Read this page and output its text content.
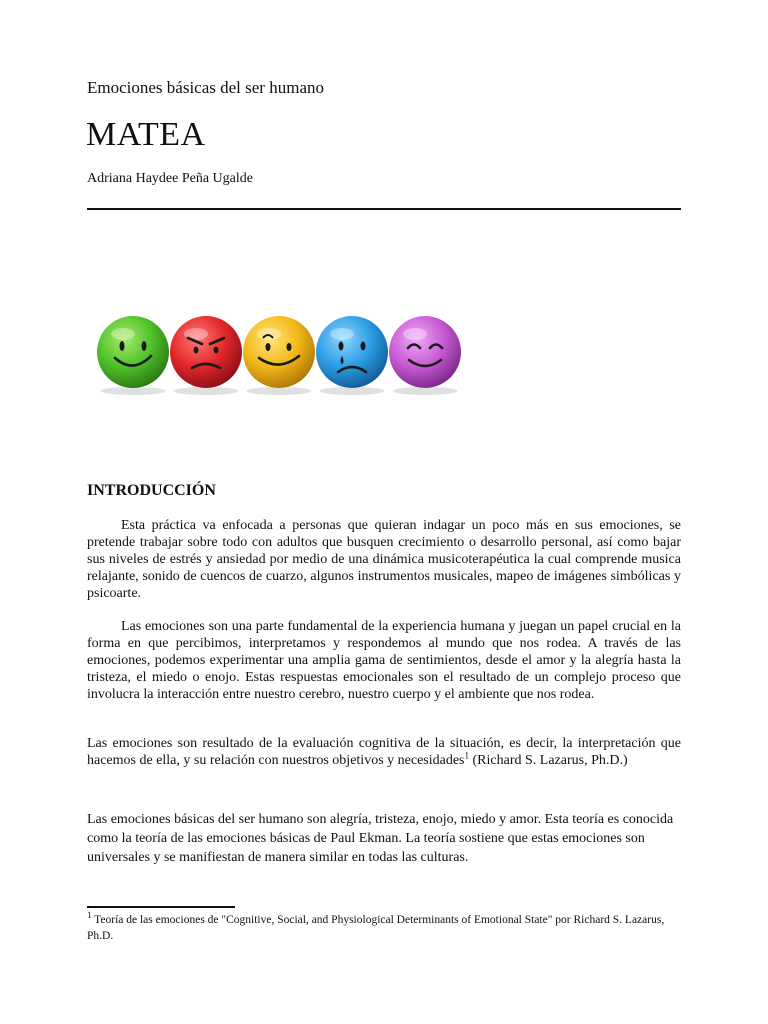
Emociones básicas del ser humano
MATEA
Adriana Haydee Peña Ugalde
INTRODUCCIÓN

Esta práctica va enfocada a personas que quieran indagar un poco más en sus emociones, se pretende trabajar sobre todo con adultos que busquen crecimiento o desarrollo personal, así como bajar sus niveles de estrés y ansiedad por medio de una dinámica musicoterapéutica la cual comprende musica relajante, sonido de cuencos de cuarzo, algunos instrumentos musicales, mapeo de imágenes simbólicas y psicoarte.

Las emociones son una parte fundamental de la experiencia humana y juegan un papel crucial en la forma en que percibimos, interpretamos y respondemos al mundo que nos rodea. A través de las emociones, podemos experimentar una amplia gama de sentimientos, desde el amor y la alegría hasta la tristeza, el miedo o enojo. Estas respuestas emocionales son el resultado de un complejo proceso que involucra la interacción entre nuestro cerebro, nuestro cuerpo y el ambiente que nos rodea.

Las emociones son resultado de la evaluación cognitiva de la situación, es decir, la interpretación que hacemos de ella, y su relación con nuestros objetivos y necesidades$^1$ (Richard S. Lazarus, Ph.D.)

Las emociones básicas del ser humano son alegría, tristeza, enojo, miedo y amor. Esta teoría es conocida como la teoría de las emociones básicas de Paul Ekman. La teoría sostiene que estas emociones son universales y se manifiestan de manera similar en todas las culturas.

$^1$ Teoría de las emociones de "Cognitive, Social, and Physiological Determinants of Emotional State" por Richard S. Lazarus, Ph.D.
